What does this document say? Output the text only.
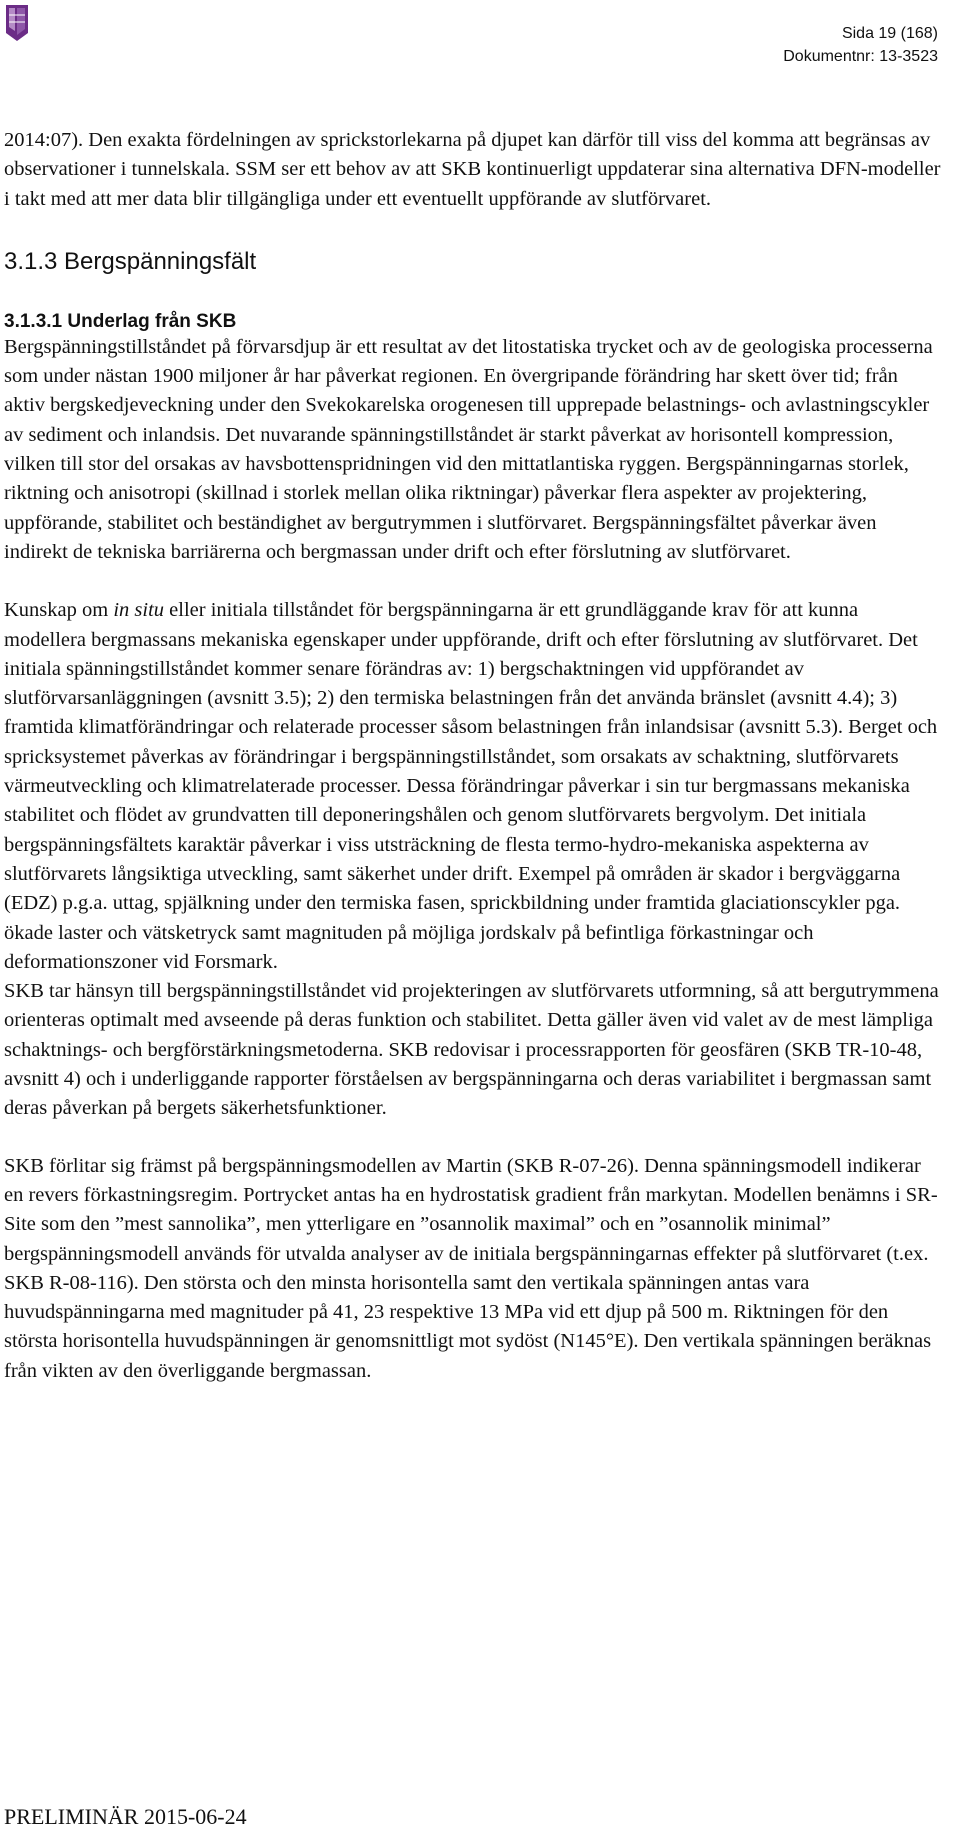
Sida 19 (168)
Dokumentnr: 13-3523

2014:07). Den exakta fördelningen av sprickstorlekarna på djupet kan därför till viss del komma att begränsas av observationer i tunnelskala. SSM ser ett behov av att SKB kontinuerligt uppdaterar sina alternativa DFN-modeller i takt med att mer data blir tillgängliga under ett eventuellt uppförande av slutförvaret.

3.1.3 Bergspänningsfält
3.1.3.1 Underlag från SKB

Bergspänningstillståndet på förvarsdjup är ett resultat av det litostatiska trycket och av de geologiska processerna som under nästan 1900 miljoner år har påverkat regionen. En övergripande förändring har skett över tid; från aktiv bergskedjeveckning under den Svekokarelska orogenesen till upprepade belastnings- och avlastningscykler av sediment och inlandsis. Det nuvarande spänningstillståndet är starkt påverkat av horisontell kompression, vilken till stor del orsakas av havsbottenspridningen vid den mittatlantiska ryggen. Bergspänningarnas storlek, riktning och anisotropi (skillnad i storlek mellan olika riktningar) påverkar flera aspekter av projektering, uppförande, stabilitet och beständighet av bergutrymmen i slutförvaret. Bergspänningsfältet påverkar även indirekt de tekniska barriärerna och bergmassan under drift och efter förslutning av slutförvaret.

Kunskap om in situ eller initiala tillståndet för bergspänningarna är ett grundläggande krav för att kunna modellera bergmassans mekaniska egenskaper under uppförande, drift och efter förslutning av slutförvaret. Det initiala spänningstillståndet kommer senare förändras av: 1) bergschaktningen vid uppförandet av slutförvarsanläggningen (avsnitt 3.5); 2) den termiska belastningen från det använda bränslet (avsnitt 4.4); 3) framtida klimatförändringar och relaterade processer såsom belastningen från inlandsisar (avsnitt 5.3). Berget och spricksystemet påverkas av förändringar i bergspänningstillståndet, som orsakats av schaktning, slutförvarets värmeutveckling och klimatrelaterade processer. Dessa förändringar påverkar i sin tur bergmassans mekaniska stabilitet och flödet av grundvatten till deponeringshålen och genom slutförvarets bergvolym. Det initiala bergspänningsfältets karaktär påverkar i viss utsträckning de flesta termo-hydro-mekaniska aspekterna av slutförvarets långsiktiga utveckling, samt säkerhet under drift. Exempel på områden är skador i bergväggarna (EDZ) p.g.a. uttag, spjälkning under den termiska fasen, sprickbildning under framtida glaciationscykler pga. ökade laster och vätsketryck samt magnituden på möjliga jordskalv på befintliga förkastningar och deformationszoner vid Forsmark.

SKB tar hänsyn till bergspänningstillståndet vid projekteringen av slutförvarets utformning, så att bergutrymmena orienteras optimalt med avseende på deras funktion och stabilitet. Detta gäller även vid valet av de mest lämpliga schaktnings- och bergförstärkningsmetoderna. SKB redovisar i processrapporten för geosfären (SKB TR-10-48, avsnitt 4) och i underliggande rapporter förståelsen av bergspänningarna och deras variabilitet i bergmassan samt deras påverkan på bergets säkerhetsfunktioner.

SKB förlitar sig främst på bergspänningsmodellen av Martin (SKB R-07-26). Denna spänningsmodell indikerar en revers förkastningsregim. Portrycket antas ha en hydrostatisk gradient från markytan. Modellen benämns i SR-Site som den ”mest sannolika”, men ytterligare en ”osannolik maximal” och en ”osannolik minimal” bergspänningsmodell används för utvalda analyser av de initiala bergspänningarnas effekter på slutförvaret (t.ex. SKB R-08-116). Den största och den minsta horisontella samt den vertikala spänningen antas vara huvudspänningarna med magnituder på 41, 23 respektive 13 MPa vid ett djup på 500 m. Riktningen för den största horisontella huvudspänningen är genomsnittligt mot sydöst (N145°E). Den vertikala spänningen beräknas från vikten av den överliggande bergmassan.

PRELIMINÄR 2015-06-24
